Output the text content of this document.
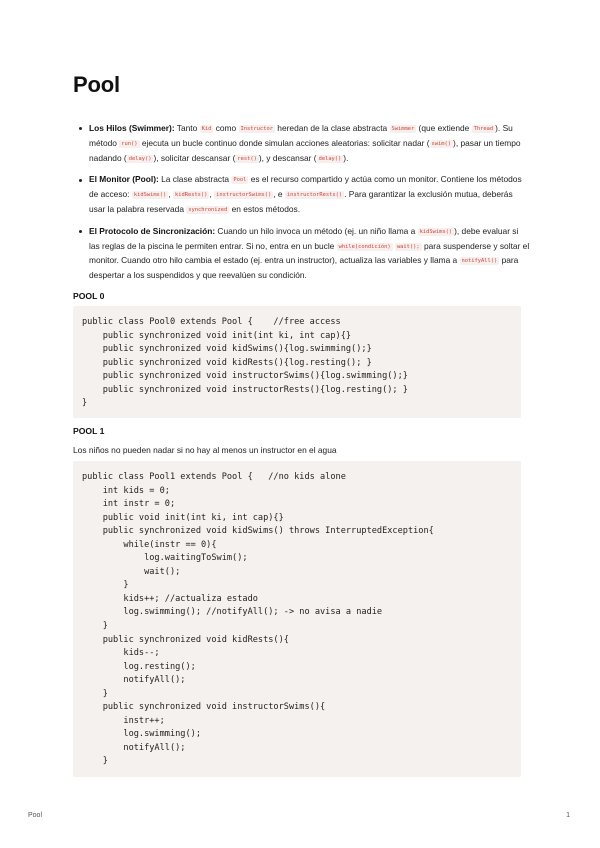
Pool
Los Hilos (Swimmer): Tanto Kid como Instructor heredan de la clase abstracta Swimmer (que extiende Thread ). Su método run() ejecuta un bucle continuo donde simulan acciones aleatorias: solicitar nadar ( swim() ), pasar un tiempo nadando ( delay() ), solicitar descansar ( rest() ), y descansar ( delay() ).
El Monitor (Pool): La clase abstracta Pool es el recurso compartido y actúa como un monitor. Contiene los métodos de acceso: kidSwims() , kidRests() , instructorSwims() , e instructorRests() . Para garantizar la exclusión mutua, deberás usar la palabra reservada synchronized en estos métodos.
El Protocolo de Sincronización: Cuando un hilo invoca un método (ej. un niño llama a kidSwims() ), debe evaluar si las reglas de la piscina le permiten entrar. Si no, entra en un bucle while(condición) wait(); para suspenderse y soltar el monitor. Cuando otro hilo cambia el estado (ej. entra un instructor), actualiza las variables y llama a notifyAll() para despertar a los suspendidos y que reevalúen su condición.
POOL 0
public class Pool0 extends Pool {    //free access
public synchronized void init(int ki, int cap){}
public synchronized void kidSwims(){log.swimming();}
public synchronized void kidRests(){log.resting(); }
public synchronized void instructorSwims(){log.swimming();}
public synchronized void instructorRests(){log.resting(); }
}
POOL 1

Los niños no pueden nadar si no hay al menos un instructor en el agua

public class Pool1 extends Pool {   //no kids alone
int kids = 0;
int instr = 0;
public void init(int ki, int cap){}
public synchronized void kidSwims() throws InterruptedException{
while(instr == 0){
log.waitingToSwim();
wait();
}
kids++; //actualiza estado
log.swimming(); //notifyAll(); -> no avisa a nadie
}
public synchronized void kidRests(){
kids--;
log.resting();
notifyAll();
}
public synchronized void instructorSwims(){
instr++;
log.swimming();
notifyAll();
}
Pool	1
